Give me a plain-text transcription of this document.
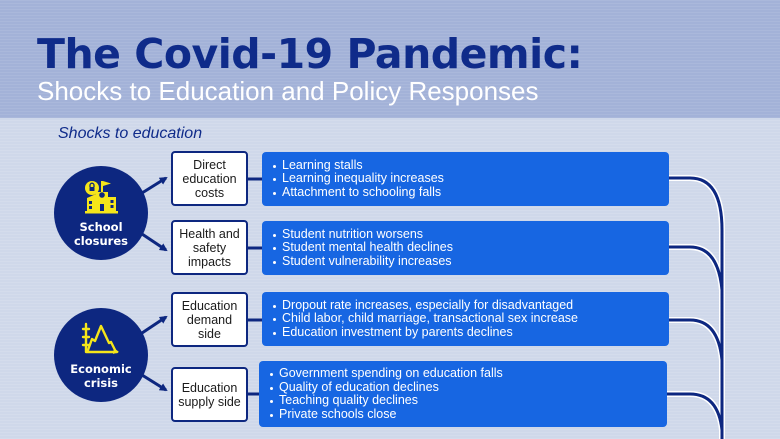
The Covid-19 Pandemic:
Shocks to Education and Policy Responses
Shocks to education
School closures
Direct education costs
Health and safety impacts
Learning stalls
Learning inequality increases
Attachment to schooling falls
Student nutrition worsens
Student mental health declines
Student vulnerability increases
Economic crisis
Education demand side
Education supply side
Dropout rate increases, especially for disadvantaged
Child labor, child marriage, transactional sex increase
Education investment by parents declines
Government spending on education falls
Quality of education declines
Teaching quality declines
Private schools close
